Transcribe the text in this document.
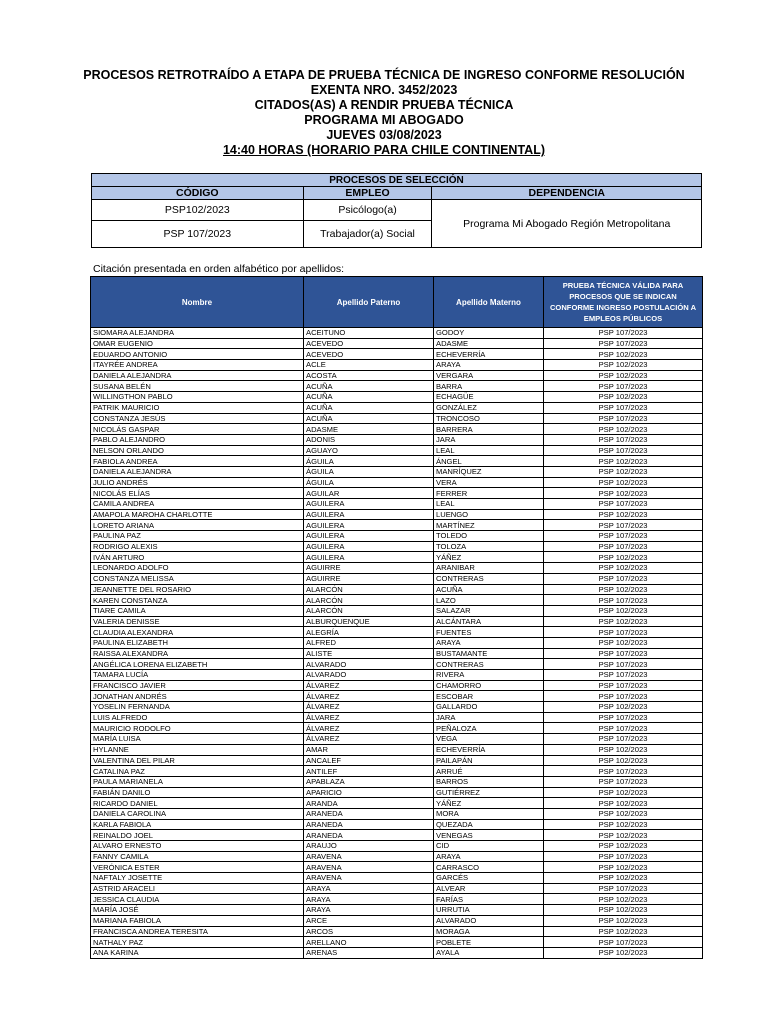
PROCESOS RETROTRAÍDO A ETAPA DE PRUEBA TÉCNICA DE INGRESO CONFORME RESOLUCIÓN
EXENTA NRO. 3452/2023
CITADOS(AS) A RENDIR PRUEBA TÉCNICA
PROGRAMA MI ABOGADO
JUEVES 03/08/2023
14:40 HORAS (HORARIO PARA CHILE CONTINENTAL)
PROCESOS DE SELECCIÓN		
CÓDIGO	EMPLEO	DEPENDENCIA
PSP102/2023	Psicólogo(a)	Programa Mi Abogado Región Metropolitana
PSP 107/2023	Trabajador(a) Social	
Citación presentada en orden alfabético por apellidos:
Nombre	Apellido Paterno	Apellido Materno	PRUEBA TÉCNICA VÁLIDA PARA PROCESOS QUE SE INDICAN CONFORME INGRESO POSTULACIÓN A EMPLEOS PÚBLICOS
SIOMARA ALEJANDRA	ACEITUNO	GODOY	PSP 107/2023
OMAR EUGENIO	ACEVEDO	ADASME	PSP 107/2023
EDUARDO ANTONIO	ACEVEDO	ECHEVERRÍA	PSP 102/2023
ITAYRÉE ANDREA	ACLE	ARAYA	PSP 102/2023
DANIELA ALEJANDRA	ACOSTA	VERGARA	PSP 102/2023
SUSANA BELÉN	ACUÑA	BARRA	PSP 107/2023
WILLINGTHON PABLO	ACUÑA	ECHAGÜE	PSP 102/2023
PATRIK MAURICIO	ACUÑA	GONZÁLEZ	PSP 107/2023
CONSTANZA JESÚS	ACUÑA	TRONCOSO	PSP 107/2023
NICOLÁS GASPAR	ADASME	BARRERA	PSP 102/2023
PABLO ALEJANDRO	ADONIS	JARA	PSP 107/2023
NELSON ORLANDO	AGUAYO	LEAL	PSP 107/2023
FABIOLA ANDREA	ÁGUILA	ÁNGEL	PSP 102/2023
DANIELA ALEJANDRA	ÁGUILA	MANRÍQUEZ	PSP 102/2023
JULIO ANDRÉS	ÁGUILA	VERA	PSP 102/2023
NICOLÁS ELÍAS	AGUILAR	FERRER	PSP 102/2023
CAMILA ANDREA	AGUILERA	LEAL	PSP 107/2023
AMAPOLA MAROHA CHARLOTTE	AGUILERA	LUENGO	PSP 102/2023
LORETO ARIANA	AGUILERA	MARTÍNEZ	PSP 107/2023
PAULINA PAZ	AGUILERA	TOLEDO	PSP 107/2023
RODRIGO ALEXIS	AGUILERA	TOLOZA	PSP 107/2023
IVÁN ARTURO	AGUILERA	YÁÑEZ	PSP 102/2023
LEONARDO ADOLFO	AGUIRRE	ARANIBAR	PSP 102/2023
CONSTANZA MELISSA	AGUIRRE	CONTRERAS	PSP 107/2023
JEANNETTE DEL ROSARIO	ALARCÓN	ACUÑA	PSP 102/2023
KAREN CONSTANZA	ALARCÓN	LAZO	PSP 107/2023
TIARE CAMILA	ALARCÓN	SALAZAR	PSP 102/2023
VALERIA DENISSE	ALBURQUENQUE	ALCÁNTARA	PSP 102/2023
CLAUDIA ALEXANDRA	ALEGRÍA	FUENTES	PSP 107/2023
PAULINA ELIZABETH	ALFRED	ARAYA	PSP 102/2023
RAISSA ALEXANDRA	ALISTE	BUSTAMANTE	PSP 107/2023
ANGÉLICA LORENA ELIZABETH	ALVARADO	CONTRERAS	PSP 107/2023
TAMARA LUCÍA	ALVARADO	RIVERA	PSP 107/2023
FRANCISCO JAVIER	ÁLVAREZ	CHAMORRO	PSP 107/2023
JONATHAN ANDRÉS	ÁLVAREZ	ESCOBAR	PSP 107/2023
YOSELIN FERNANDA	ÁLVAREZ	GALLARDO	PSP 102/2023
LUIS ALFREDO	ÁLVAREZ	JARA	PSP 107/2023
MAURICIO RODOLFO	ÁLVAREZ	PEÑALOZA	PSP 107/2023
MARÍA LUISA	ÁLVAREZ	VEGA	PSP 107/2023
HYLANNE	AMAR	ECHEVERRÍA	PSP 102/2023
VALENTINA DEL PILAR	ANCALEF	PAILAPÁN	PSP 102/2023
CATALINA PAZ	ANTILEF	ARRUÉ	PSP 107/2023
PAULA MARIANELA	APABLAZA	BARROS	PSP 107/2023
FABIÁN DANILO	APARICIO	GUTIÉRREZ	PSP 102/2023
RICARDO DANIEL	ARANDA	YÁÑEZ	PSP 102/2023
DANIELA CAROLINA	ARANEDA	MORA	PSP 102/2023
KARLA FABIOLA	ARANEDA	QUEZADA	PSP 102/2023
REINALDO JOEL	ARANEDA	VENEGAS	PSP 102/2023
ALVARO ERNESTO	ARAUJO	CID	PSP 102/2023
FANNY CAMILA	ARAVENA	ARAYA	PSP 107/2023
VERÓNICA ESTER	ARAVENA	CARRASCO	PSP 102/2023
NAFTALY JOSETTE	ARAVENA	GARCÉS	PSP 102/2023
ASTRID ARACELI	ARAYA	ALVEAR	PSP 107/2023
JESSICA CLAUDIA	ARAYA	FARÍAS	PSP 102/2023
MARÍA JOSÉ	ARAYA	URRUTIA	PSP 102/2023
MARIANA FABIOLA	ARCE	ALVARADO	PSP 102/2023
FRANCISCA ANDREA TERESITA	ARCOS	MORAGA	PSP 102/2023
NATHALY PAZ	ARELLANO	POBLETE	PSP 107/2023
ANA KARINA	ARENAS	AYALA	PSP 102/2023
